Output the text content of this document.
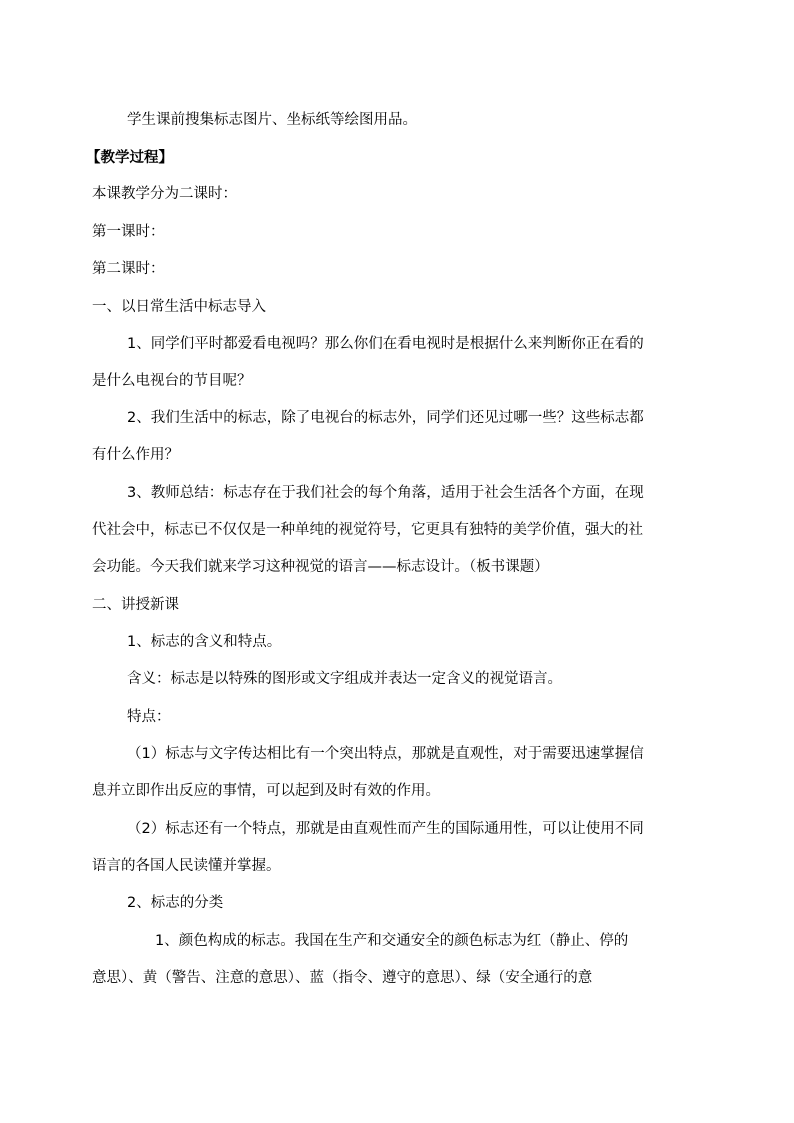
学生课前搜集标志图片、坐标纸等绘图用品。
【教学过程】
本课教学分为二课时：
第一课时：
第二课时：
一、以日常生活中标志导入
1、同学们平时都爱看电视吗？那么你们在看电视时是根据什么来判断你正在看的
是什么电视台的节目呢？
2、我们生活中的标志，除了电视台的标志外，同学们还见过哪一些？这些标志都
有什么作用？
3、教师总结：标志存在于我们社会的每个角落，适用于社会生活各个方面，在现
代社会中，标志已不仅仅是一种单纯的视觉符号，它更具有独特的美学价值，强大的社
会功能。今天我们就来学习这种视觉的语言——标志设计。（板书课题）
二、讲授新课
1、标志的含义和特点。
含义：标志是以特殊的图形或文字组成并表达一定含义的视觉语言。
特点：
（1）标志与文字传达相比有一个突出特点，那就是直观性，对于需要迅速掌握信
息并立即作出反应的事情，可以起到及时有效的作用。
（2）标志还有一个特点，那就是由直观性而产生的国际通用性，可以让使用不同
语言的各国人民读懂并掌握。
2、标志的分类
1、颜色构成的标志。我国在生产和交通安全的颜色标志为红（静止、停的
意思）、黄（警告、注意的意思）、蓝（指令、遵守的意思）、绿（安全通行的意
